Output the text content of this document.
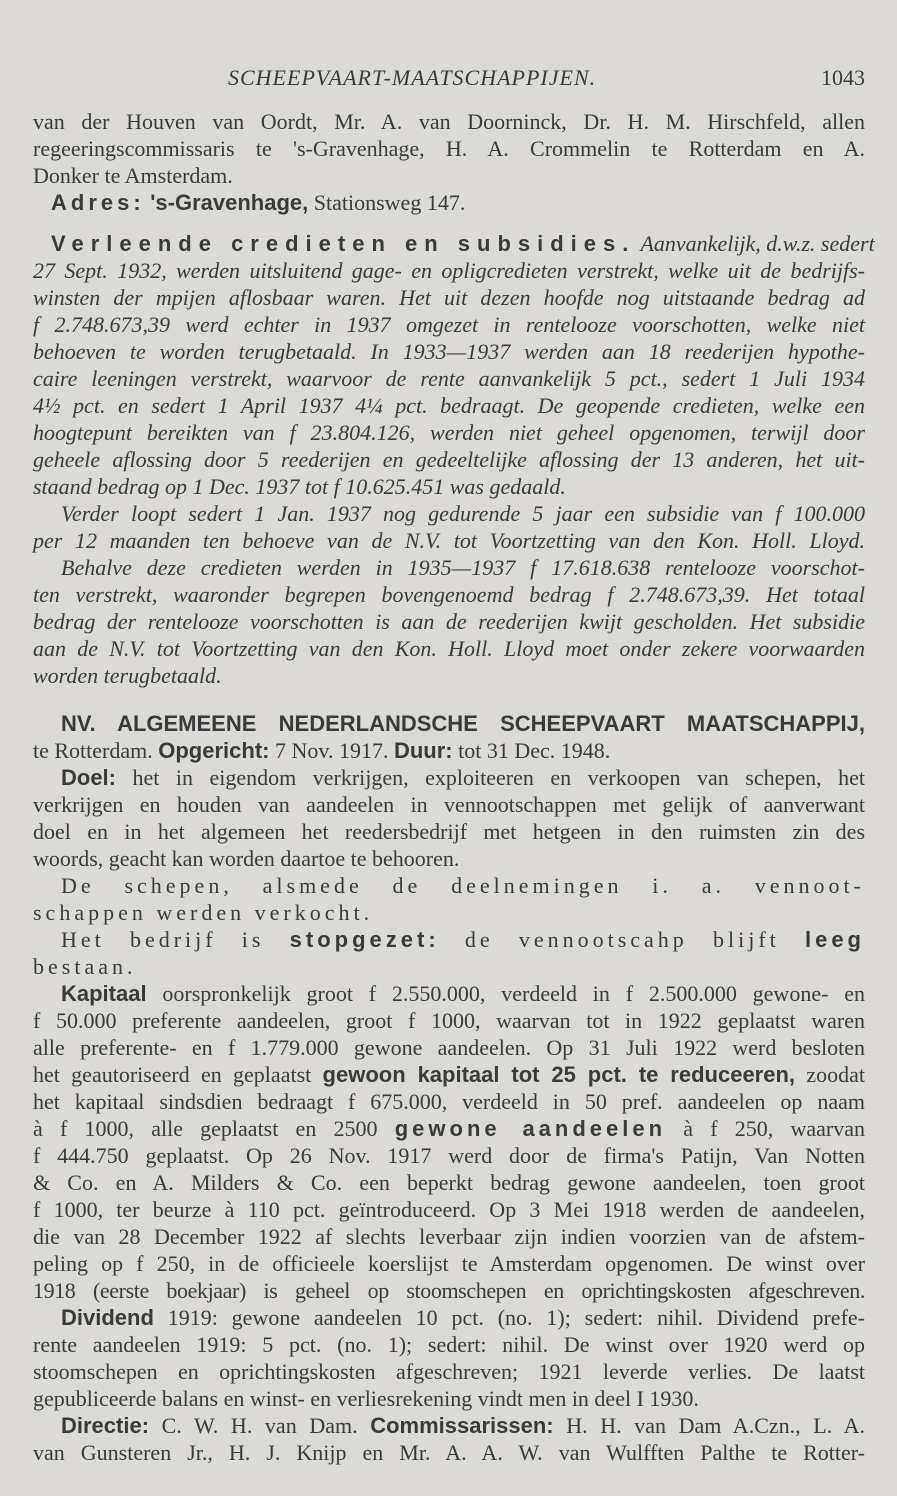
SCHEEPVAART-MAATSCHAPPIJEN.	1043
van der Houven van Oordt, Mr. A. van Doorninck, Dr. H. M. Hirschfeld, allen
regeeringscommissaris te 's-Gravenhage, H. A. Crommelin te Rotterdam en A.
Donker te Amsterdam.
Adres: 's-Gravenhage, Stationsweg 147.
Verleende credieten en subsidies. Aanvankelijk, d.w.z. sedert
27 Sept. 1932, werden uitsluitend gage- en opligcredieten verstrekt, welke uit de bedrijfs-
winsten der mpijen aflosbaar waren. Het uit dezen hoofde nog uitstaande bedrag ad
f 2.748.673,39 werd echter in 1937 omgezet in rentelooze voorschotten, welke niet
behoeven te worden terugbetaald. In 1933—1937 werden aan 18 reederijen hypothe-
caire leeningen verstrekt, waarvoor de rente aanvankelijk 5 pct., sedert 1 Juli 1934
4½ pct. en sedert 1 April 1937 4¼ pct. bedraagt. De geopende credieten, welke een
hoogtepunt bereikten van f 23.804.126, werden niet geheel opgenomen, terwijl door
geheele aflossing door 5 reederijen en gedeeltelijke aflossing der 13 anderen, het uit-
staand bedrag op 1 Dec. 1937 tot f 10.625.451 was gedaald.
Verder loopt sedert 1 Jan. 1937 nog gedurende 5 jaar een subsidie van f 100.000
per 12 maanden ten behoeve van de N.V. tot Voortzetting van den Kon. Holl. Lloyd.
Behalve deze credieten werden in 1935—1937 f 17.618.638 rentelooze voorschot-
ten verstrekt, waaronder begrepen bovengenoemd bedrag f 2.748.673,39. Het totaal
bedrag der rentelooze voorschotten is aan de reederijen kwijt gescholden. Het subsidie
aan de N.V. tot Voortzetting van den Kon. Holl. Lloyd moet onder zekere voorwaarden
worden terugbetaald.
NV. ALGEMEENE NEDERLANDSCHE SCHEEPVAART MAATSCHAPPIJ,
te Rotterdam. Opgericht: 7 Nov. 1917. Duur: tot 31 Dec. 1948.
Doel: het in eigendom verkrijgen, exploiteeren en verkoopen van schepen, het
verkrijgen en houden van aandeelen in vennootschappen met gelijk of aanverwant
doel en in het algemeen het reedersbedrijf met hetgeen in den ruimsten zin des
woords, geacht kan worden daartoe te behooren.
De schepen, alsmede de deelnemingen i. a. vennoot-
schappen werden verkocht.
Het bedrijf is stopgezet: de vennootscahp blijft leeg
bestaan.
Kapitaal oorspronkelijk groot f 2.550.000, verdeeld in f 2.500.000 gewone- en
f 50.000 preferente aandeelen, groot f 1000, waarvan tot in 1922 geplaatst waren
alle preferente- en f 1.779.000 gewone aandeelen. Op 31 Juli 1922 werd besloten
het geautoriseerd en geplaatst gewoon kapitaal tot 25 pct. te reduceeren, zoodat
het kapitaal sindsdien bedraagt f 675.000, verdeeld in 50 pref. aandeelen op naam
à f 1000, alle geplaatst en 2500 gewone aandeelen à f 250, waarvan
f 444.750 geplaatst. Op 26 Nov. 1917 werd door de firma's Patijn, Van Notten
& Co. en A. Milders & Co. een beperkt bedrag gewone aandeelen, toen groot
f 1000, ter beurze à 110 pct. geïntroduceerd. Op 3 Mei 1918 werden de aandeelen,
die van 28 December 1922 af slechts leverbaar zijn indien voorzien van de afstem-
peling op f 250, in de officieele koerslijst te Amsterdam opgenomen. De winst over
1918 (eerste boekjaar) is geheel op stoomschepen en oprichtingskosten afgeschreven.
Dividend 1919: gewone aandeelen 10 pct. (no. 1); sedert: nihil. Dividend prefe-
rente aandeelen 1919: 5 pct. (no. 1); sedert: nihil. De winst over 1920 werd op
stoomschepen en oprichtingskosten afgeschreven; 1921 leverde verlies. De laatst
gepubliceerde balans en winst- en verliesrekening vindt men in deel I 1930.
Directie: C. W. H. van Dam. Commissarissen: H. H. van Dam A.Czn., L. A.
van Gunsteren Jr., H. J. Knijp en Mr. A. A. W. van Wulfften Palthe te Rotter-
